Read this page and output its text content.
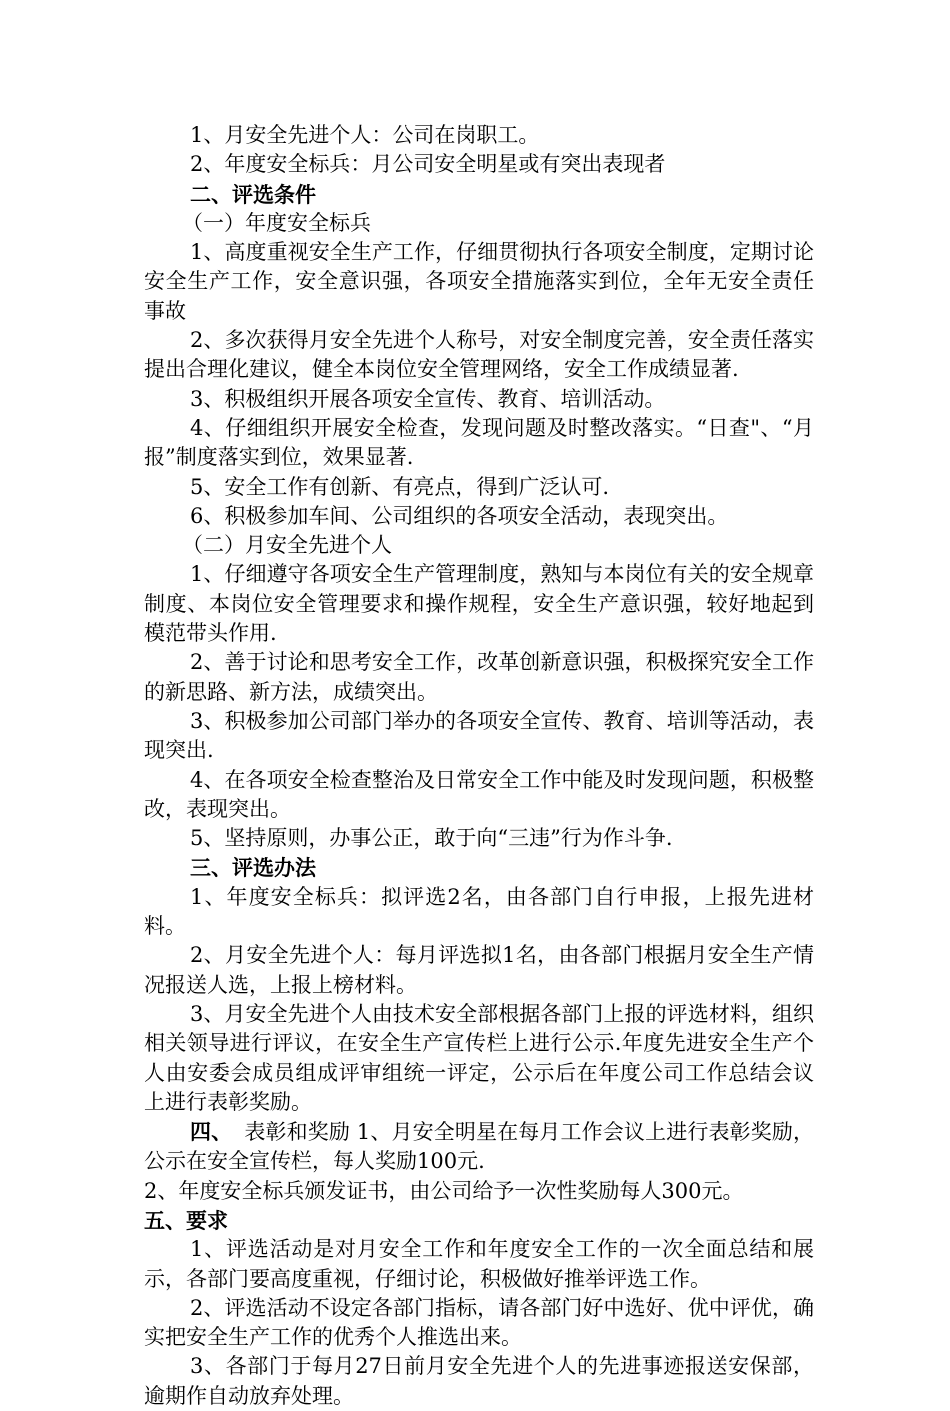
1、月安全先进个人：公司在岗职工。

2、年度安全标兵：月公司安全明星或有突出表现者

二、评选条件

（一）年度安全标兵

1、高度重视安全生产工作，仔细贯彻执行各项安全制度，定期讨论安全生产工作，安全意识强，各项安全措施落实到位，全年无安全责任事故

2、多次获得月安全先进个人称号，对安全制度完善，安全责任落实提出合理化建议，健全本岗位安全管理网络，安全工作成绩显著.

3、积极组织开展各项安全宣传、教育、培训活动。

4、仔细组织开展安全检查，发现问题及时整改落实。“日查"、“月报”制度落实到位，效果显著.

5、安全工作有创新、有亮点，得到广泛认可.

6、积极参加车间、公司组织的各项安全活动，表现突出。

（二）月安全先进个人

1、仔细遵守各项安全生产管理制度，熟知与本岗位有关的安全规章制度、本岗位安全管理要求和操作规程，安全生产意识强，较好地起到模范带头作用.

2、善于讨论和思考安全工作，改革创新意识强，积极探究安全工作的新思路、新方法，成绩突出。

3、积极参加公司部门举办的各项安全宣传、教育、培训等活动，表现突出.

4、在各项安全检查整治及日常安全工作中能及时发现问题，积极整改，表现突出。

5、坚持原则，办事公正，敢于向“三违”行为作斗争.

三、评选办法

1、年度安全标兵：拟评选2名，由各部门自行申报，上报先进材料。

2、月安全先进个人：每月评选拟1名，由各部门根据月安全生产情况报送人选，上报上榜材料。

3、月安全先进个人由技术安全部根据各部门上报的评选材料，组织相关领导进行评议，在安全生产宣传栏上进行公示.年度先进安全生产个人由安委会成员组成评审组统一评定，公示后在年度公司工作总结会议上进行表彰奖励。

四、 表彰和奖励 1、月安全明星在每月工作会议上进行表彰奖励，公示在安全宣传栏，每人奖励100元.

2、年度安全标兵颁发证书，由公司给予一次性奖励每人300元。

五、要求

1、评选活动是对月安全工作和年度安全工作的一次全面总结和展示，各部门要高度重视，仔细讨论，积极做好推举评选工作。

2、评选活动不设定各部门指标，请各部门好中选好、优中评优，确实把安全生产工作的优秀个人推选出来。

3、各部门于每月27日前月安全先进个人的先进事迹报送安保部，逾期作自动放弃处理。
